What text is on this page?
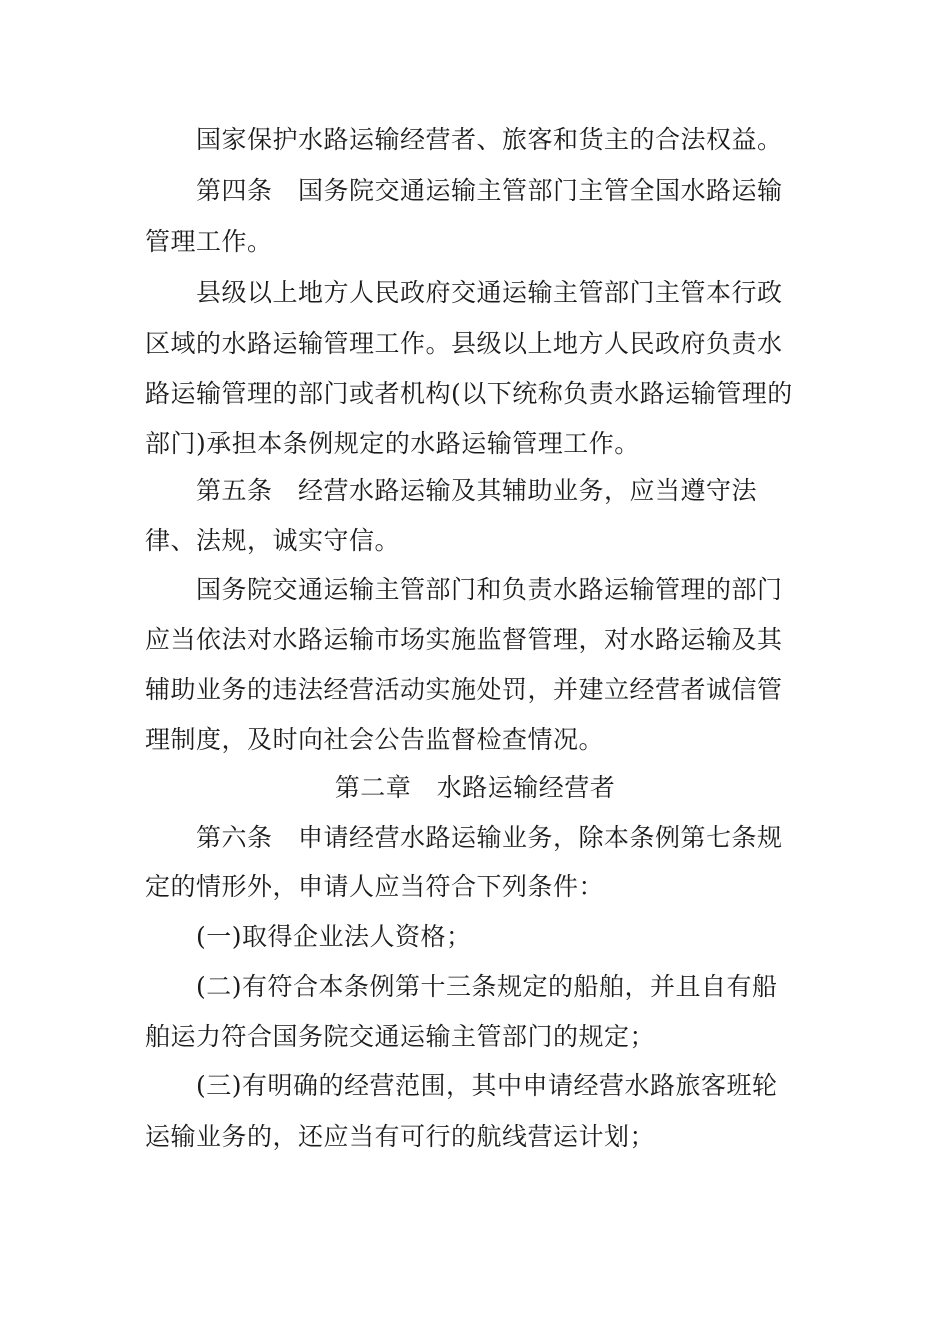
国家保护水路运输经营者、旅客和货主的合法权益。
第四条　国务院交通运输主管部门主管全国水路运输
管理工作。
县级以上地方人民政府交通运输主管部门主管本行政
区域的水路运输管理工作。县级以上地方人民政府负责水
路运输管理的部门或者机构(以下统称负责水路运输管理的
部门)承担本条例规定的水路运输管理工作。
第五条　经营水路运输及其辅助业务，应当遵守法
律、法规，诚实守信。
国务院交通运输主管部门和负责水路运输管理的部门
应当依法对水路运输市场实施监督管理，对水路运输及其
辅助业务的违法经营活动实施处罚，并建立经营者诚信管
理制度，及时向社会公告监督检查情况。
第二章　水路运输经营者
第六条　申请经营水路运输业务，除本条例第七条规
定的情形外，申请人应当符合下列条件：
(一)取得企业法人资格；
(二)有符合本条例第十三条规定的船舶，并且自有船
舶运力符合国务院交通运输主管部门的规定；
(三)有明确的经营范围，其中申请经营水路旅客班轮
运输业务的，还应当有可行的航线营运计划；
